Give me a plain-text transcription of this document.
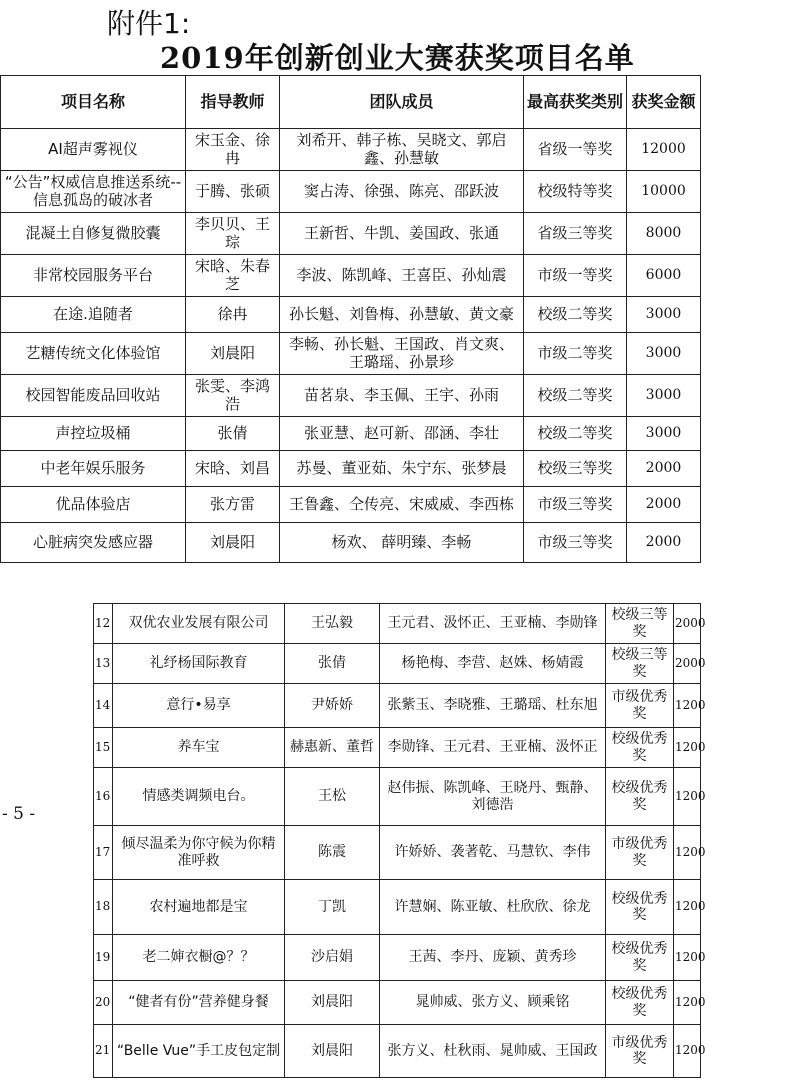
附件1:
2019年创新创业大赛获奖项目名单
项目名称	指导教师	团队成员	最高获奖类别	获奖金额
AI超声雾视仪	宋玉金、徐冉	刘希开、韩子栋、吴晓文、郭启鑫、孙慧敏	省级一等奖	12000
“公告”权威信息推送系统--信息孤岛的破冰者	于腾、张硕	窦占涛、徐强、陈亮、邵跃波	校级特等奖	10000
混凝土自修复微胶囊	李贝贝、王琮	王新哲、牛凯、姜国政、张通	省级三等奖	8000
非常校园服务平台	宋晗、朱春芝	李波、陈凯峰、王喜臣、孙灿震	市级一等奖	6000
在途.追随者	徐冉	孙长魁、刘鲁梅、孙慧敏、黄文豪	校级二等奖	3000
艺糖传统文化体验馆	刘晨阳	李畅、孙长魁、王国政、肖文爽、王璐瑶、孙景珍	市级二等奖	3000
校园智能废品回收站	张雯、李鸿浩	苗茗泉、李玉佩、王宇、孙雨	校级二等奖	3000
声控垃圾桶	张倩	张亚慧、赵可新、邵涵、李壮	校级二等奖	3000
中老年娱乐服务	宋晗、刘昌	苏曼、董亚茹、朱宁东、张梦晨	校级三等奖	2000
优品体验店	张方雷	王鲁鑫、仝传亮、宋威威、李西栋	市级三等奖	2000
心脏病突发感应器	刘晨阳	杨欢、 薛明臻、李畅	市级三等奖	2000
- 5 -
12	双优农业发展有限公司	王弘毅	王元君、汲怀正、王亚楠、李勋锋	校级三等奖	2000
13	礼纾杨国际教育	张倩	杨艳梅、李营、赵姝、杨婧霞	校级三等奖	2000
14	意行•易享	尹娇娇	张紫玉、李晓雅、王璐瑶、杜东旭	市级优秀奖	1200
15	养车宝	赫惠新、董哲	李勋锋、王元君、王亚楠、汲怀正	校级优秀奖	1200
16	情感类调频电台。	王松	赵伟振、陈凯峰、王晓丹、甄静、刘德浩	校级优秀奖	1200
17	倾尽温柔为你守候为你精准呼救	陈震	许娇娇、袭著乾、马慧钦、李伟	市级优秀奖	1200
18	农村遍地都是宝	丁凯	许慧娴、陈亚敏、杜欣欣、徐龙	校级优秀奖	1200
19	老二婶衣橱@？？	沙启娟	王茜、李丹、庞颖、黄秀珍	校级优秀奖	1200
20	“健者有份”营养健身餐	刘晨阳	晁帅威、张方义、顾乘铭	校级优秀奖	1200
21	“Belle Vue”手工皮包定制	刘晨阳	张方义、杜秋雨、晁帅威、王国政	市级优秀奖	1200
